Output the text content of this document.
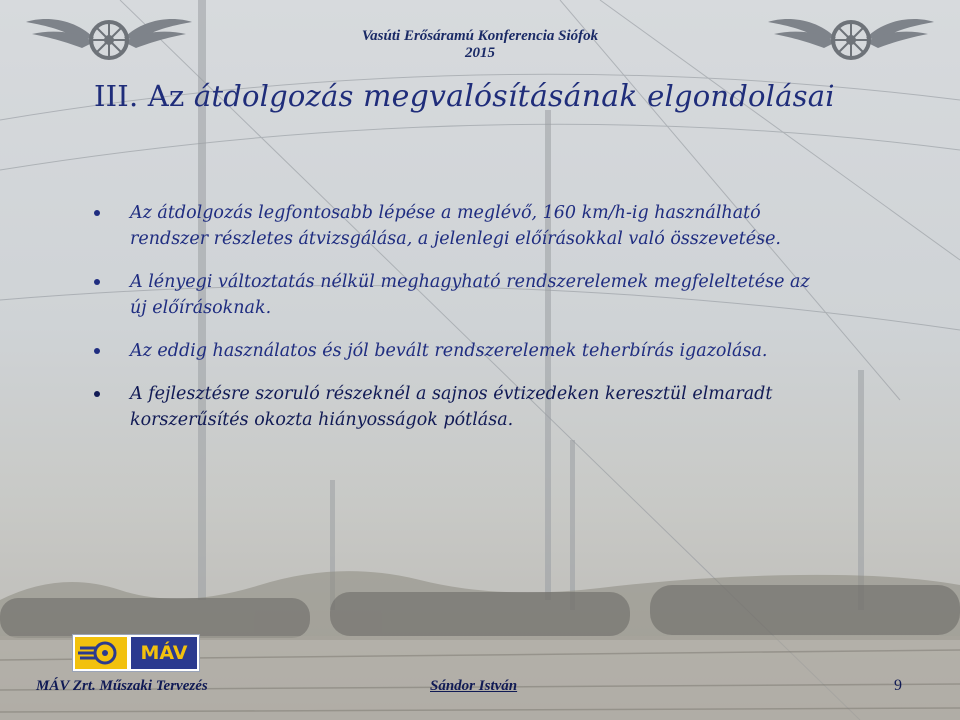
Vasúti Erősáramú Konferencia Siófok
2015
III. Az átdolgozás megvalósításának elgondolásai
Az átdolgozás legfontosabb lépése a meglévő, 160 km/h-ig használható rendszer részletes átvizsgálása, a jelenlegi előírásokkal való összevetése.
A lényegi változtatás nélkül meghagyható rendszerelemek megfeleltetése az új előírásoknak.
Az eddig használatos és jól bevált rendszerelemek teherbírás igazolása.
A fejlesztésre szoruló részeknél a sajnos évtizedeken keresztül elmaradt korszerűsítés okozta hiányosságok pótlása.
MÁV
MÁV Zrt. Műszaki Tervezés	Sándor István	9
